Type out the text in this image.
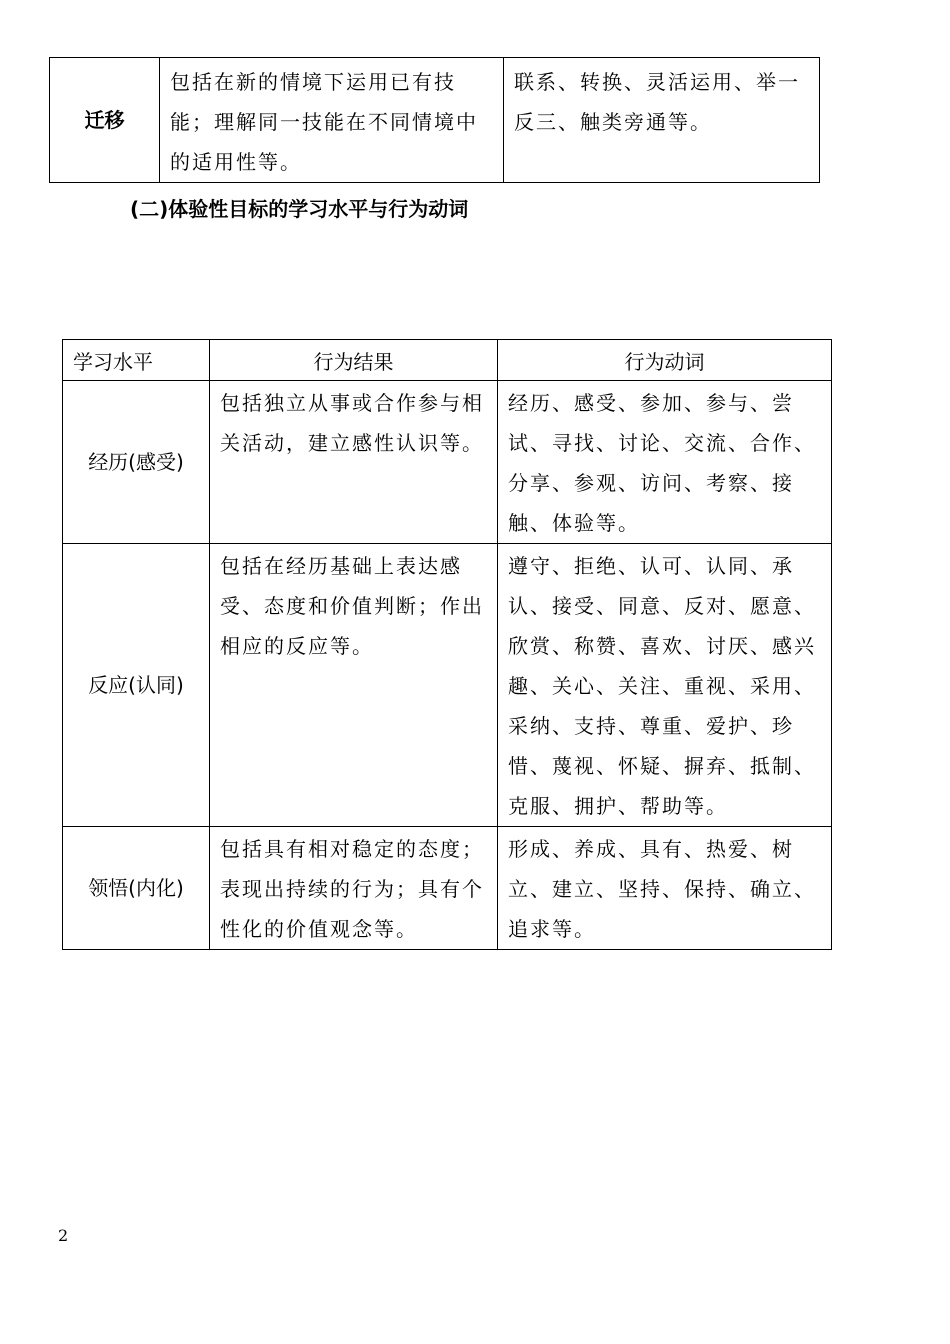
迁移	包括在新的情境下运用已有技能；理解同一技能在不同情境中的适用性等。	联系、转换、灵活运用、举一反三、触类旁通等。
(二)体验性目标的学习水平与行为动词
学习水平	行为结果	行为动词
经历(感受)	包括独立从事或合作参与相关活动，建立感性认识等。	经历、感受、参加、参与、尝试、寻找、讨论、交流、合作、分享、参观、访问、考察、接触、体验等。
反应(认同)	包括在经历基础上表达感受、态度和价值判断；作出相应的反应等。	遵守、拒绝、认可、认同、承认、接受、同意、反对、愿意、欣赏、称赞、喜欢、讨厌、感兴趣、关心、关注、重视、采用、采纳、支持、尊重、爱护、珍惜、蔑视、怀疑、摒弃、抵制、克服、拥护、帮助等。
领悟(内化)	包括具有相对稳定的态度；表现出持续的行为；具有个性化的价值观念等。	形成、养成、具有、热爱、树立、建立、坚持、保持、确立、追求等。
2
